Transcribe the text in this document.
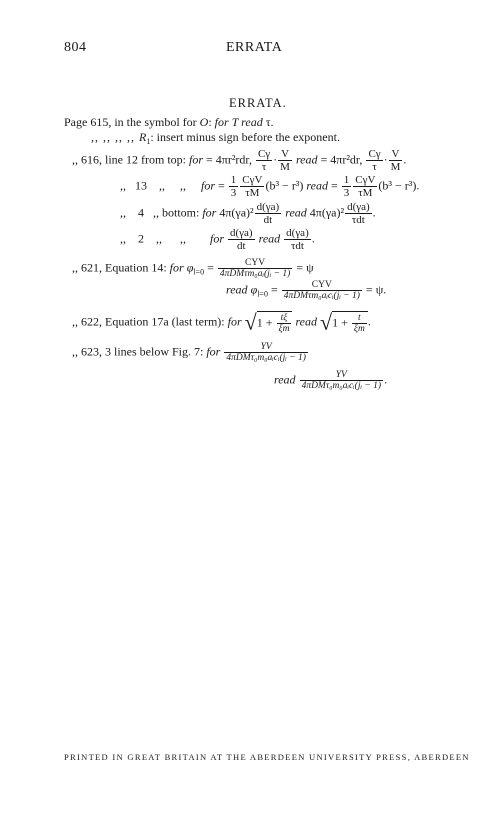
804	ERRATA
ERRATA.
Page 615, in the symbol for O: for T read τ.
,, ,, ,, ,, $R_1$: insert minus sign before the exponent.
,, 616, line 12 from top: for = 4πr²rdr, $\frac{C\gamma}{\tau} \cdot \frac{V}{M}$ read = 4πr²dr, $\frac{C\gamma}{\tau} \cdot \frac{V}{M}$ .
,, 13 ,, ,, for = $\frac{1}{3} \frac{\text{CγV}}{\tau M} (b^3 - r^3)$ read = $\frac{1}{3} \frac{\text{CγV}}{\tau M} (b^3 - r^3)$.
,, 4 ,, bottom: for $4\pi(\gamma a)^2 \frac{d(\gamma a)}{dt}$ read $4\pi(\gamma a)^2 \frac{d(\gamma a)}{\text{τdt}}$ .
,, 2 ,, ,, for $\frac{d(\gamma a)}{dt}$ read $\frac{d(\gamma a)}{\text{τdt}}$ .
,, 621, Equation 14: for $\varphi_{l=0} = \frac{\text{CYV}}{\text{4πDMτm₀aᵢ(jᵢ − 1)}} = \psi$
read $\varphi_{l=0} = \frac{\text{CYV}}{\text{4πDMτm₀aᵢcᵢ(jᵢ − 1)}} = \psi$.
,, 622, Equation 17a (last term): for $√1 + \frac{t\xi}{\xi m}$ read $√1 + \frac{t}{\xi m}$ .
,, 623, 3 lines below Fig. 7: for $\frac{YV}{\text{4πDMτ₀m₀aᵢcᵢ(jᵢ − 1)}}$
read $\frac{YV}{\text{4πDMτ₀m₀aᵢcᵢ(jᵢ − 1)}}$ .
PRINTED IN GREAT BRITAIN AT THE ABERDEEN UNIVERSITY PRESS, ABERDEEN
